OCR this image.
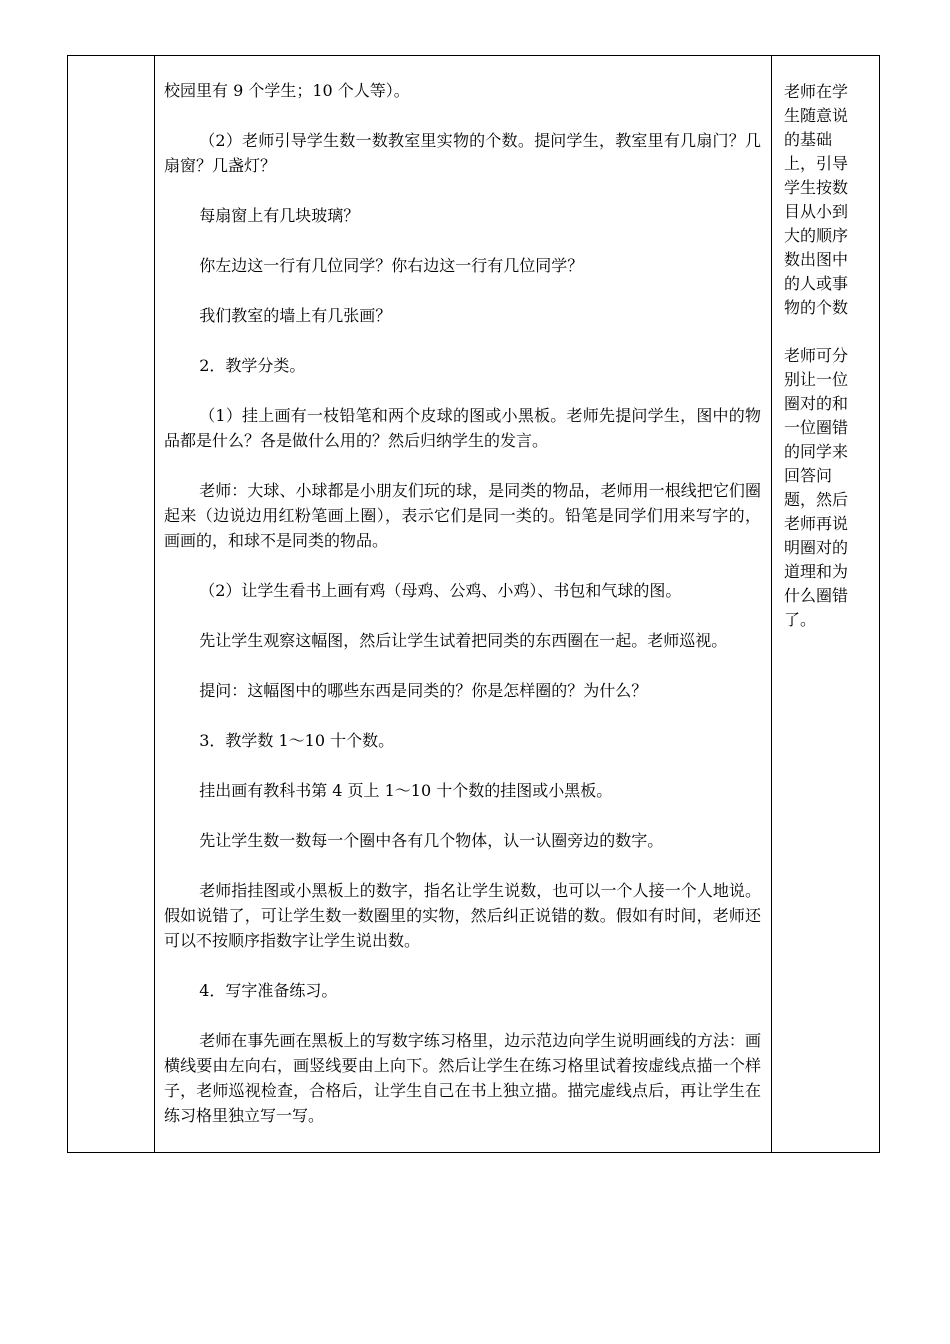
校园里有 9 个学生；10 个人等）。

（2）老师引导学生数一数教室里实物的个数。提问学生，教室里有几扇门？几扇窗？几盏灯？

每扇窗上有几块玻璃？

你左边这一行有几位同学？你右边这一行有几位同学？

我们教室的墙上有几张画？

2．教学分类。

（1）挂上画有一枝铅笔和两个皮球的图或小黑板。老师先提问学生，图中的物品都是什么？各是做什么用的？然后归纳学生的发言。

老师：大球、小球都是小朋友们玩的球，是同类的物品，老师用一根线把它们圈起来（边说边用红粉笔画上圈），表示它们是同一类的。铅笔是同学们用来写字的，画画的，和球不是同类的物品。

（2）让学生看书上画有鸡（母鸡、公鸡、小鸡）、书包和气球的图。

先让学生观察这幅图，然后让学生试着把同类的东西圈在一起。老师巡视。

提问：这幅图中的哪些东西是同类的？你是怎样圈的？为什么？

3．教学数 1～10 十个数。

挂出画有教科书第 4 页上 1～10 十个数的挂图或小黑板。

先让学生数一数每一个圈中各有几个物体，认一认圈旁边的数字。

老师指挂图或小黑板上的数字，指名让学生说数，也可以一个人接一个人地说。假如说错了，可让学生数一数圈里的实物，然后纠正说错的数。假如有时间，老师还可以不按顺序指数字让学生说出数。

4．写字准备练习。

老师在事先画在黑板上的写数字练习格里，边示范边向学生说明画线的方法：画横线要由左向右，画竖线要由上向下。然后让学生在练习格里试着按虚线点描一个样子，老师巡视检查，合格后，让学生自己在书上独立描。描完虚线点后，再让学生在练习格里独立写一写。

老师在学生随意说的基础上，引导学生按数目从小到大的顺序数出图中的人或事物的个数

老师可分别让一位圈对的和一位圈错的同学来回答问题，然后老师再说明圈对的道理和为什么圈错了。
